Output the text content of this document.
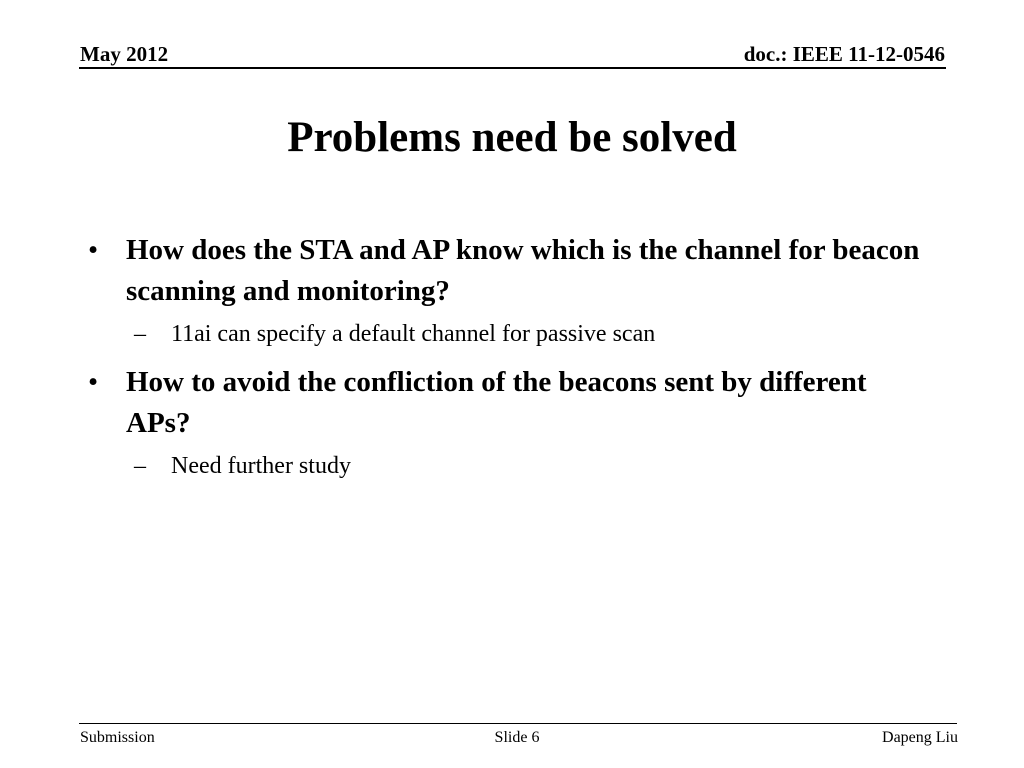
May 2012	doc.: IEEE 11-12-0546
Problems need be solved
• How does the STA and AP know which is the channel for beacon scanning and monitoring?
– 11ai can specify a default channel for passive scan
• How to avoid the confliction of the beacons sent by different APs?
– Need further study
Submission	Slide 6	Dapeng Liu
